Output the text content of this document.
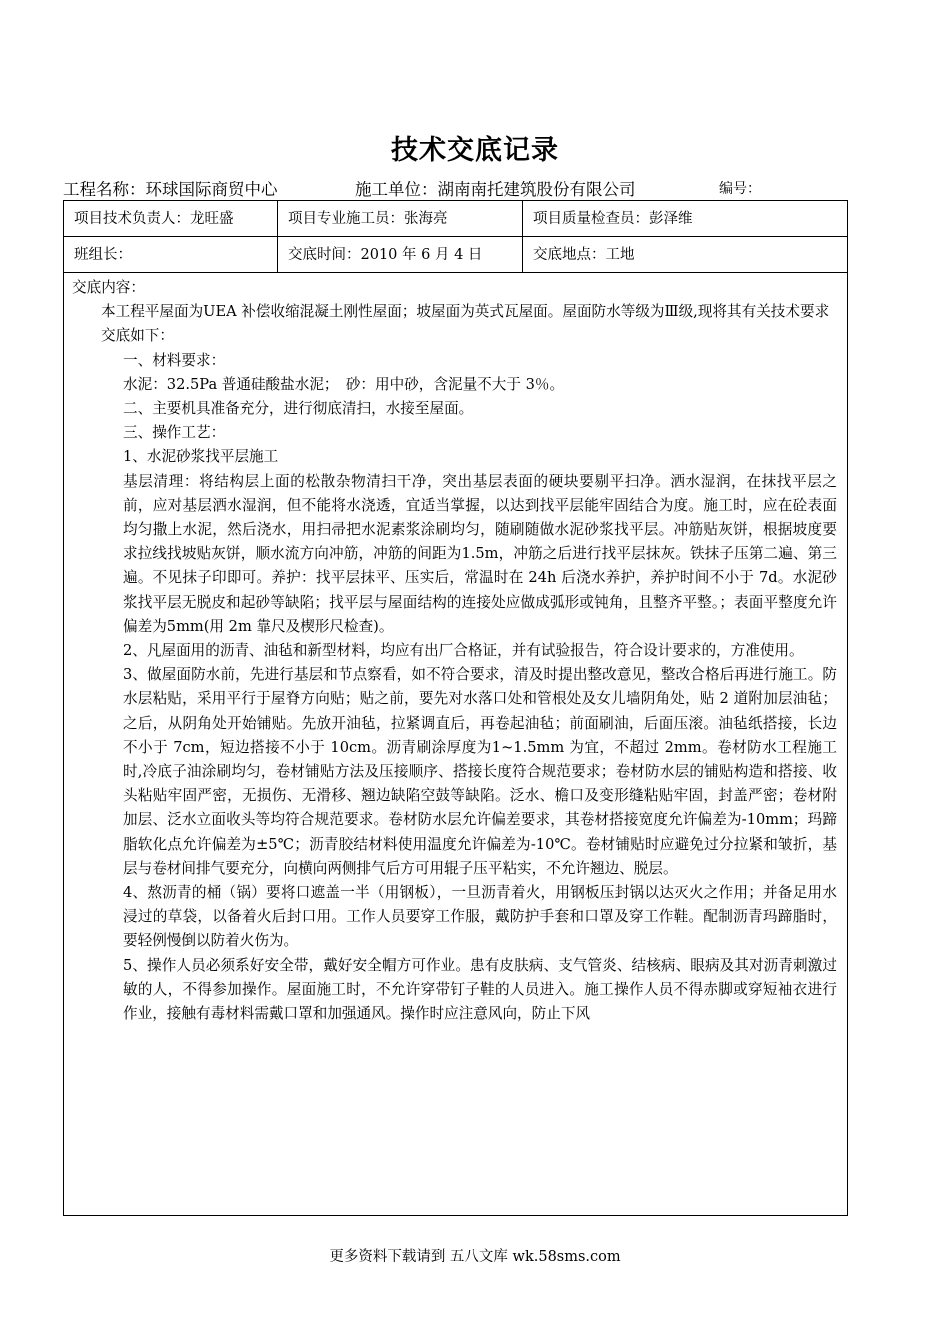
技术交底记录
工程名称：环球国际商贸中心	施工单位：湖南南托建筑股份有限公司	编号：
项目技术负责人：龙旺盛	项目专业施工员：张海亮	项目质量检查员：彭泽维
班组长：	交底时间：2010 年 6 月 4 日	交底地点：工地

交底内容：

本工程平屋面为UEA 补偿收缩混凝土刚性屋面；坡屋面为英式瓦屋面。屋面防水等级为Ⅲ级,现将其有关技术要求交底如下：

一、材料要求：

水泥：32.5Pa 普通硅酸盐水泥；　砂：用中砂，含泥量不大于 3％。

二、主要机具准备充分，进行彻底清扫，水接至屋面。

三、操作工艺：

1、水泥砂浆找平层施工

基层清理：将结构层上面的松散杂物清扫干净，突出基层表面的硬块要剔平扫净。洒水湿润，在抹找平层之前，应对基层洒水湿润，但不能将水浇透，宜适当掌握，以达到找平层能牢固结合为度。施工时，应在砼表面均匀撒上水泥，然后浇水，用扫帚把水泥素浆涂刷均匀，随刷随做水泥砂浆找平层。冲筋贴灰饼，根据坡度要求拉线找坡贴灰饼，顺水流方向冲筋，冲筋的间距为1.5m，冲筋之后进行找平层抹灰。铁抹子压第二遍、第三遍。不见抹子印即可。养护：找平层抹平、压实后，常温时在 24h 后浇水养护，养护时间不小于 7d。水泥砂浆找平层无脱皮和起砂等缺陷；找平层与屋面结构的连接处应做成弧形或钝角，且整齐平整。；表面平整度允许偏差为5mm(用 2m 靠尺及楔形尺检查)。

2、凡屋面用的沥青、油毡和新型材料，均应有出厂合格证，并有试验报告，符合设计要求的，方准使用。

3、做屋面防水前，先进行基层和节点察看，如不符合要求，清及时提出整改意见，整改合格后再进行施工。防水层粘贴，采用平行于屋脊方向贴；贴之前，要先对水落口处和管根处及女儿墙阴角处，贴 2 道附加层油毡；之后，从阴角处开始铺贴。先放开油毡，拉紧调直后，再卷起油毡；前面刷油，后面压滚。油毡纸搭接，长边不小于 7cm，短边搭接不小于 10cm。沥青刷涂厚度为1~1.5mm 为宜，不超过 2mm。卷材防水工程施工时,冷底子油涂刷均匀，卷材铺贴方法及压接顺序、搭接长度符合规范要求；卷材防水层的铺贴构造和搭接、收头粘贴牢固严密，无损伤、无滑移、翘边缺陷空鼓等缺陷。泛水、檐口及变形缝粘贴牢固，封盖严密；卷材附加层、泛水立面收头等均符合规范要求。卷材防水层允许偏差要求，其卷材搭接宽度允许偏差为-10mm；玛蹄脂软化点允许偏差为±5℃；沥青胶结材料使用温度允许偏差为-10℃。卷材铺贴时应避免过分拉紧和皱折，基层与卷材间排气要充分，向横向两侧排气后方可用辊子压平粘实，不允许翘边、脱层。

4、熬沥青的桶（锅）要将口遮盖一半（用钢板），一旦沥青着火，用钢板压封锅以达灭火之作用；并备足用水浸过的草袋，以备着火后封口用。工作人员要穿工作服，戴防护手套和口罩及穿工作鞋。配制沥青玛蹄脂时，要轻例慢倒以防着火伤为。

5、操作人员必须系好安全带，戴好安全帽方可作业。患有皮肤病、支气管炎、结核病、眼病及其对沥青刺激过敏的人，不得参加操作。屋面施工时，不允许穿带钉子鞋的人员进入。施工操作人员不得赤脚或穿短袖衣进行作业，接触有毒材料需戴口罩和加强通风。操作时应注意风向，防止下风

更多资料下载请到 五八文库 wk.58sms.com
